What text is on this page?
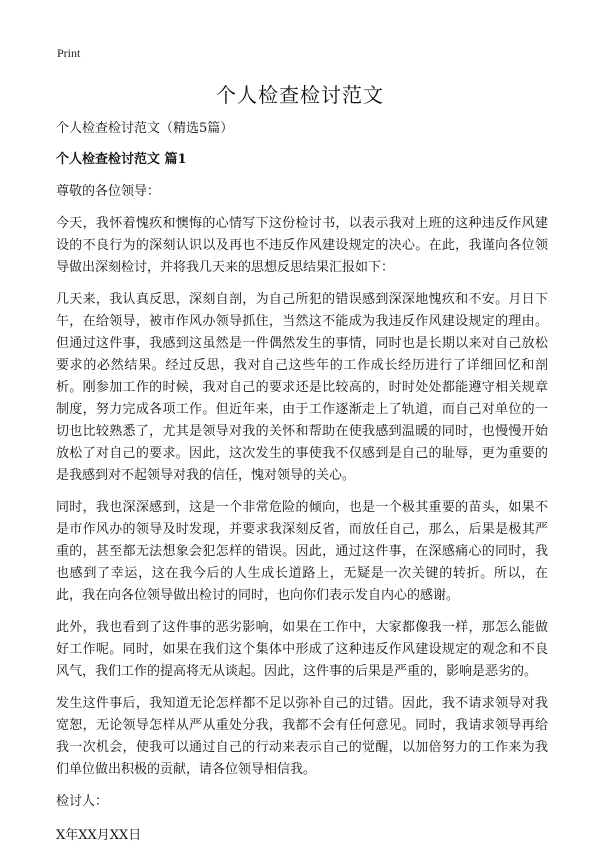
Print
个人检查检讨范文

个人检查检讨范文（精选5篇）

个人检查检讨范文 篇1

尊敬的各位领导：

今天，我怀着愧疚和懊悔的心情写下这份检讨书，以表示我对上班的这种违反作风建设的不良行为的深刻认识以及再也不违反作风建设规定的决心。在此，我谨向各位领导做出深刻检讨，并将我几天来的思想反思结果汇报如下：

几天来，我认真反思，深刻自剖，为自己所犯的错误感到深深地愧疚和不安。月日下午，在给领导，被市作风办领导抓住，当然这不能成为我违反作风建设规定的理由。但通过这件事，我感到这虽然是一件偶然发生的事情，同时也是长期以来对自己放松要求的必然结果。经过反思，我对自己这些年的工作成长经历进行了详细回忆和剖析。刚参加工作的时候，我对自己的要求还是比较高的，时时处处都能遵守相关规章制度，努力完成各项工作。但近年来，由于工作逐渐走上了轨道，而自己对单位的一切也比较熟悉了，尤其是领导对我的关怀和帮助在使我感到温暖的同时，也慢慢开始放松了对自己的要求。因此，这次发生的事使我不仅感到是自己的耻辱，更为重要的是我感到对不起领导对我的信任，愧对领导的关心。

同时，我也深深感到，这是一个非常危险的倾向，也是一个极其重要的苗头，如果不是市作风办的领导及时发现，并要求我深刻反省，而放任自己，那么，后果是极其严重的，甚至都无法想象会犯怎样的错误。因此，通过这件事，在深感痛心的同时，我也感到了幸运，这在我今后的人生成长道路上，无疑是一次关键的转折。所以，在此，我在向各位领导做出检讨的同时，也向你们表示发自内心的感谢。

此外，我也看到了这件事的恶劣影响，如果在工作中，大家都像我一样，那怎么能做好工作呢。同时，如果在我们这个集体中形成了这种违反作风建设规定的观念和不良风气，我们工作的提高将无从谈起。因此，这件事的后果是严重的，影响是恶劣的。

发生这件事后，我知道无论怎样都不足以弥补自己的过错。因此，我不请求领导对我宽恕，无论领导怎样从严从重处分我，我都不会有任何意见。同时，我请求领导再给我一次机会，使我可以通过自己的行动来表示自己的觉醒，以加倍努力的工作来为我们单位做出积极的贡献，请各位领导相信我。

检讨人：

X年XX月XX日
